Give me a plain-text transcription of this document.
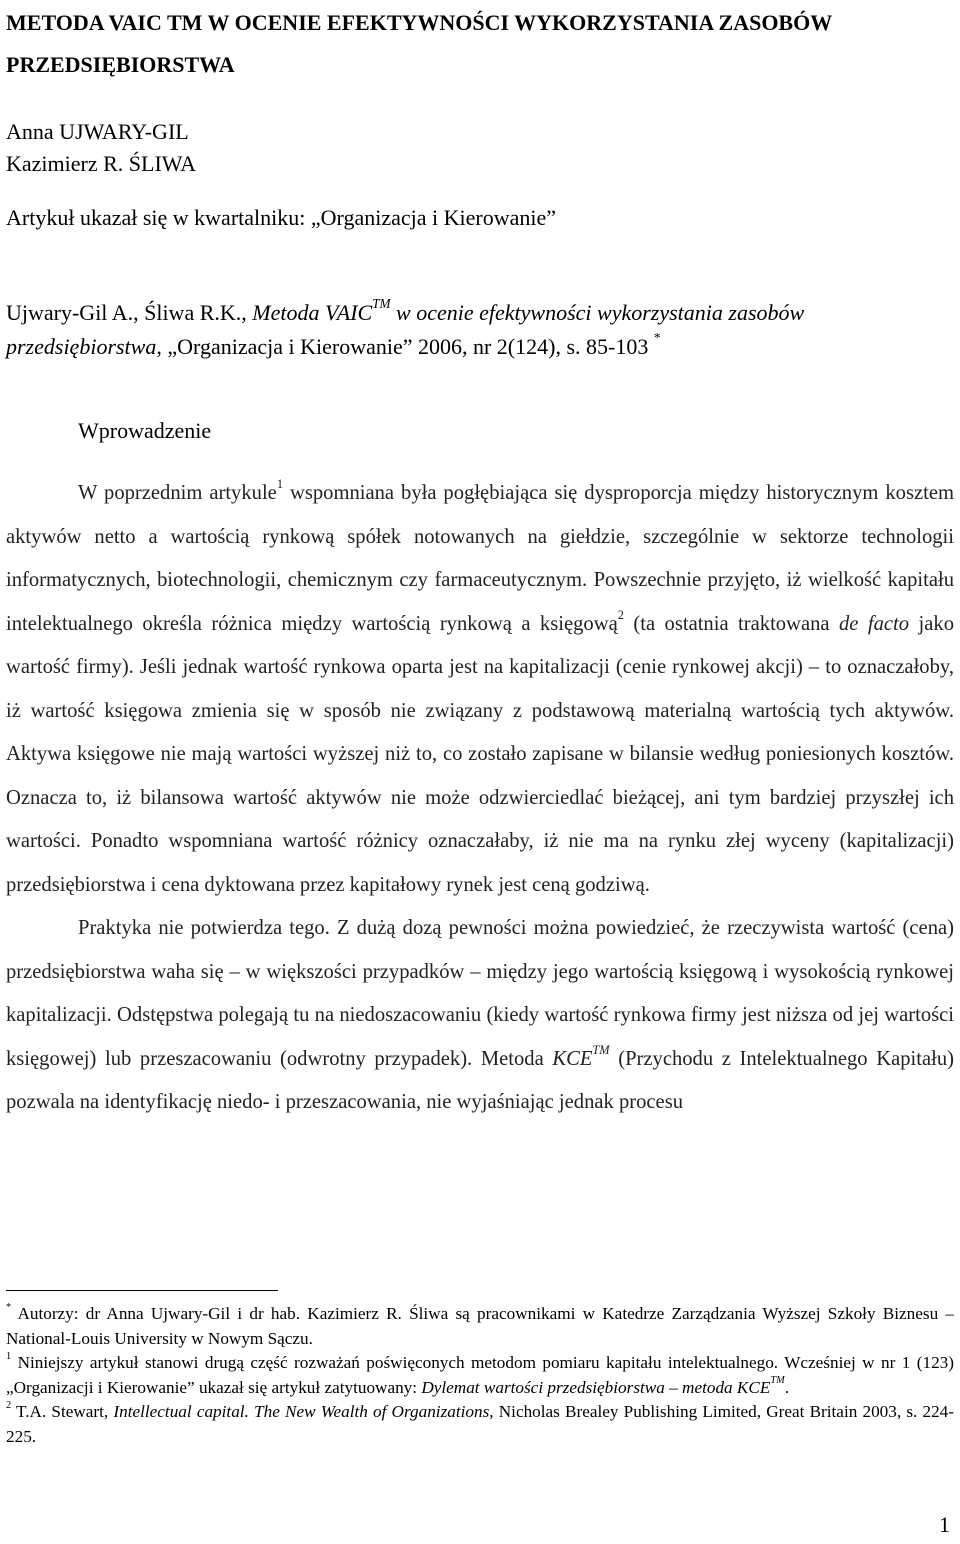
METODA VAIC TM W OCENIE EFEKTYWNOŚCI WYKORZYSTANIA ZASOBÓW PRZEDSIĘBIORSTWA
Anna UJWARY-GIL
Kazimierz R. ŚLIWA
Artykuł ukazał się w kwartalniku: „Organizacja i Kierowanie”
Ujwary-Gil A., Śliwa R.K., Metoda VAIC™ w ocenie efektywności wykorzystania zasobów przedsiębiorstwa, „Organizacja i Kierowanie” 2006, nr 2(124), s. 85-103 *
Wprowadzenie

W poprzednim artykule$^1$ wspomniana była pogłębiająca się dysproporcja między historycznym kosztem aktywów netto a wartością rynkową spółek notowanych na giełdzie, szczególnie w sektorze technologii informatycznych, biotechnologii, chemicznym czy farmaceutycznym. Powszechnie przyjęto, iż wielkość kapitału intelektualnego określa różnica między wartością rynkową a księgową$^2$ (ta ostatnia traktowana de facto jako wartość firmy). Jeśli jednak wartość rynkowa oparta jest na kapitalizacji (cenie rynkowej akcji) – to oznaczałoby, iż wartość księgowa zmienia się w sposób nie związany z podstawową materialną wartością tych aktywów. Aktywa księgowe nie mają wartości wyższej niż to, co zostało zapisane w bilansie według poniesionych kosztów. Oznacza to, iż bilansowa wartość aktywów nie może odzwierciedlać bieżącej, ani tym bardziej przyszłej ich wartości. Ponadto wspomniana wartość różnicy oznaczałaby, iż nie ma na rynku złej wyceny (kapitalizacji) przedsiębiorstwa i cena dyktowana przez kapitałowy rynek jest ceną godziwą.

Praktyka nie potwierdza tego. Z dużą dozą pewności można powiedzieć, że rzeczywista wartość (cena) przedsiębiorstwa waha się – w większości przypadków – między jego wartością księgową i wysokością rynkowej kapitalizacji. Odstępstwa polegają tu na niedoszacowaniu (kiedy wartość rynkowa firmy jest niższa od jej wartości księgowej) lub przeszacowaniu (odwrotny przypadek). Metoda KCE™ (Przychodu z Intelektualnego Kapitału) pozwala na identyfikację niedo- i przeszacowania, nie wyjaśniając jednak procesu

* Autorzy: dr Anna Ujwary-Gil i dr hab. Kazimierz R. Śliwa są pracownikami w Katedrze Zarządzania Wyższej Szkoły Biznesu – National-Louis University w Nowym Sączu.

$^1$ Niniejszy artykuł stanowi drugą część rozważań poświęconych metodom pomiaru kapitału intelektualnego. Wcześniej w nr 1 (123) „Organizacji i Kierowanie” ukazał się artykuł zatytuowany: Dylemat wartości przedsiębiorstwa – metoda KCE™.

$^2$ T.A. Stewart, Intellectual capital. The New Wealth of Organizations, Nicholas Brealey Publishing Limited, Great Britain 2003, s. 224-225.

1
